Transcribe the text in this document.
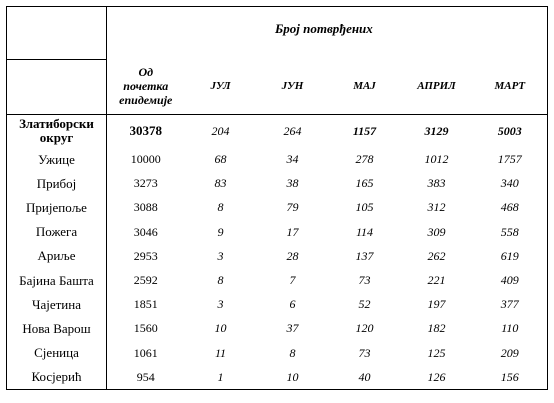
	Број потврђених					
	Од
почетка
епидемије	ЈУЛ	ЈУН	МАЈ	АПРИЛ	МАРТ
Златиборски
округ	30378	204	264	1157	3129	5003
Ужице	10000	68	34	278	1012	1757
Прибој	3273	83	38	165	383	340
Пријепоље	3088	8	79	105	312	468
Пожега	3046	9	17	114	309	558
Ариље	2953	3	28	137	262	619
Бајина Башта	2592	8	7	73	221	409
Чајетина	1851	3	6	52	197	377
Нова Варош	1560	10	37	120	182	110
Сјеница	1061	11	8	73	125	209
Косјерић	954	1	10	40	126	156
